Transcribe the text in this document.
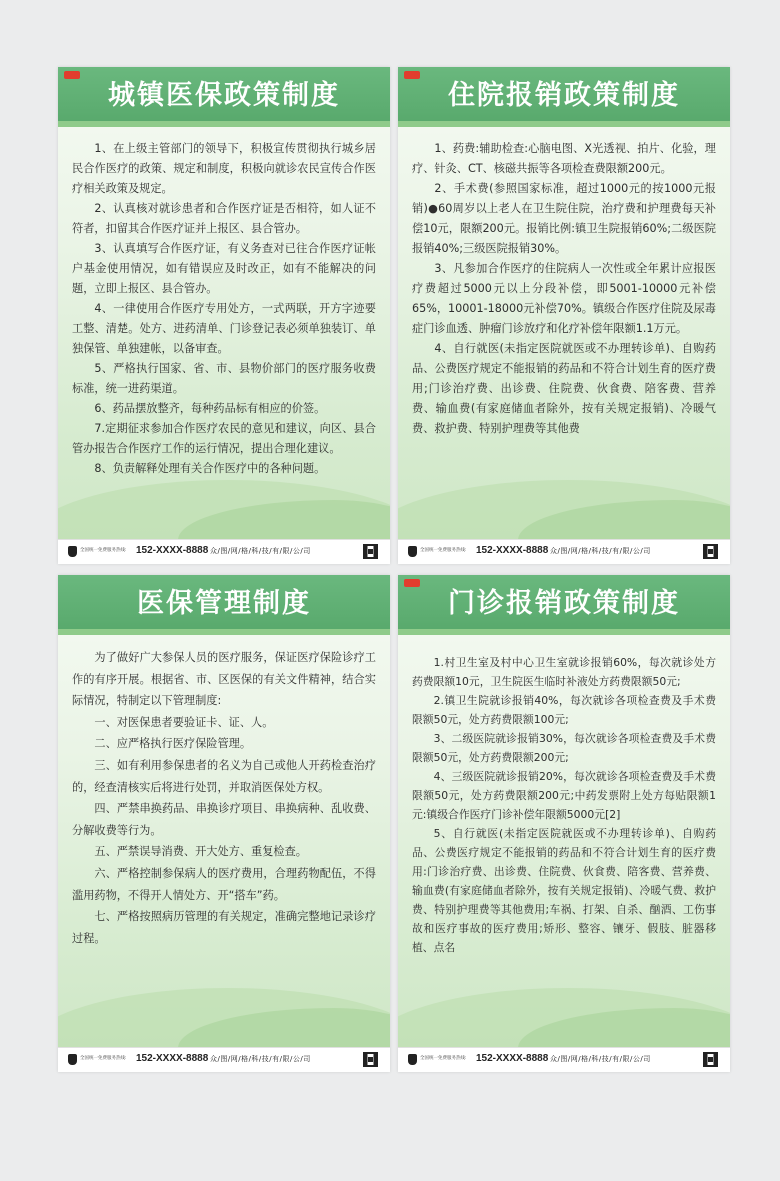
城镇医保政策制度

1、在上级主管部门的领导下，积极宣传贯彻执行城乡居民合作医疗的政策、规定和制度，积极向就诊农民宣传合作医疗相关政策及规定。

2、认真核对就诊患者和合作医疗证是否相符，如人证不符者，扣留其合作医疗证并上报区、县合管办。

3、认真填写合作医疗证，有义务查对已往合作医疗证帐户基金使用情况，如有错误应及时改正，如有不能解决的问题，立即上报区、县合管办。

4、一律使用合作医疗专用处方，一式两联，开方字迹要工整、清楚。处方、进药清单、门诊登记表必须单独装订、单独保管、单独建帐，以备审查。

5、严格执行国家、省、市、县物价部门的医疗服务收费标准，统一进药渠道。

6、药品摆放整齐，每种药品标有相应的价签。

7.定期征求参加合作医疗农民的意见和建议，向区、县合管办报告合作医疗工作的运行情况，提出合理化建议。

8、负责解释处理有关合作医疗中的各种问题。

全国统一免费服务热线: 152-XXXX-8888 众/图/网/格/科/技/有/限/公/司
住院报销政策制度

1、药费:辅助检查:心脑电图、X光透视、拍片、化验，理疗、针灸、CT、核磁共振等各项检查费限额200元。

2、手术费(参照国家标准，超过1000元的按1000元报销)●60周岁以上老人在卫生院住院，治疗费和护理费每天补偿10元，限额200元。报销比例:镇卫生院报销60%;二级医院报销40%;三级医院报销30%。

3、凡参加合作医疗的住院病人一次性或全年累计应报医疗费超过5000元以上分段补偿，即5001-10000元补偿65%，10001-18000元补偿70%。镇级合作医疗住院及尿毒症门诊血透、肿瘤门诊放疗和化疗补偿年限额1.1万元。

4、自行就医(未指定医院就医或不办理转诊单)、自购药品、公费医疗规定不能报销的药品和不符合计划生育的医疗费用;门诊治疗费、出诊费、住院费、伙食费、陪客费、营养费、输血费(有家庭储血者除外，按有关规定报销)、冷暖气费、救护费、特别护理费等其他费

全国统一免费服务热线: 152-XXXX-8888 众/图/网/格/科/技/有/限/公/司
医保管理制度

为了做好广大参保人员的医疗服务，保证医疗保险诊疗工作的有序开展。根据省、市、区医保的有关文件精神，结合实际情况，特制定以下管理制度:

一、对医保患者要验证卡、证、人。

二、应严格执行医疗保险管理。

三、如有利用参保患者的名义为自己或他人开药检查治疗的，经查清核实后将进行处罚，并取消医保处方权。

四、严禁串换药品、串换诊疗项目、串换病种、乱收费、分解收费等行为。

五、严禁误导消费、开大处方、重复检查。

六、严格控制参保病人的医疗费用，合理药物配伍，不得滥用药物，不得开人情处方、开“搭车”药。

七、严格按照病历管理的有关规定，准确完整地记录诊疗过程。

全国统一免费服务热线: 152-XXXX-8888 众/图/网/格/科/技/有/限/公/司
门诊报销政策制度

1.村卫生室及村中心卫生室就诊报销60%，每次就诊处方药费限额10元，卫生院医生临时补液处方药费限额50元;

2.镇卫生院就诊报销40%，每次就诊各项检查费及手术费限额50元，处方药费限额100元;

3、二级医院就诊报销30%，每次就诊各项检查费及手术费限额50元，处方药费限额200元;

4、三级医院就诊报销20%，每次就诊各项检查费及手术费限额50元，处方药费限额200元;中药发票附上处方每贴限额1元:镇级合作医疗门诊补偿年限额5000元[2]

5、自行就医(未指定医院就医或不办理转诊单)、自购药品、公费医疗规定不能报销的药品和不符合计划生育的医疗费用:门诊治疗费、出诊费、住院费、伙食费、陪客费、营养费、输血费(有家庭储血者除外，按有关规定报销)、冷暖气费、救护费、特别护理费等其他费用;车祸、打架、自杀、酗酒、工伤事故和医疗事故的医疗费用;矫形、整容、镶牙、假肢、脏器移植、点名

全国统一免费服务热线: 152-XXXX-8888 众/图/网/格/科/技/有/限/公/司
